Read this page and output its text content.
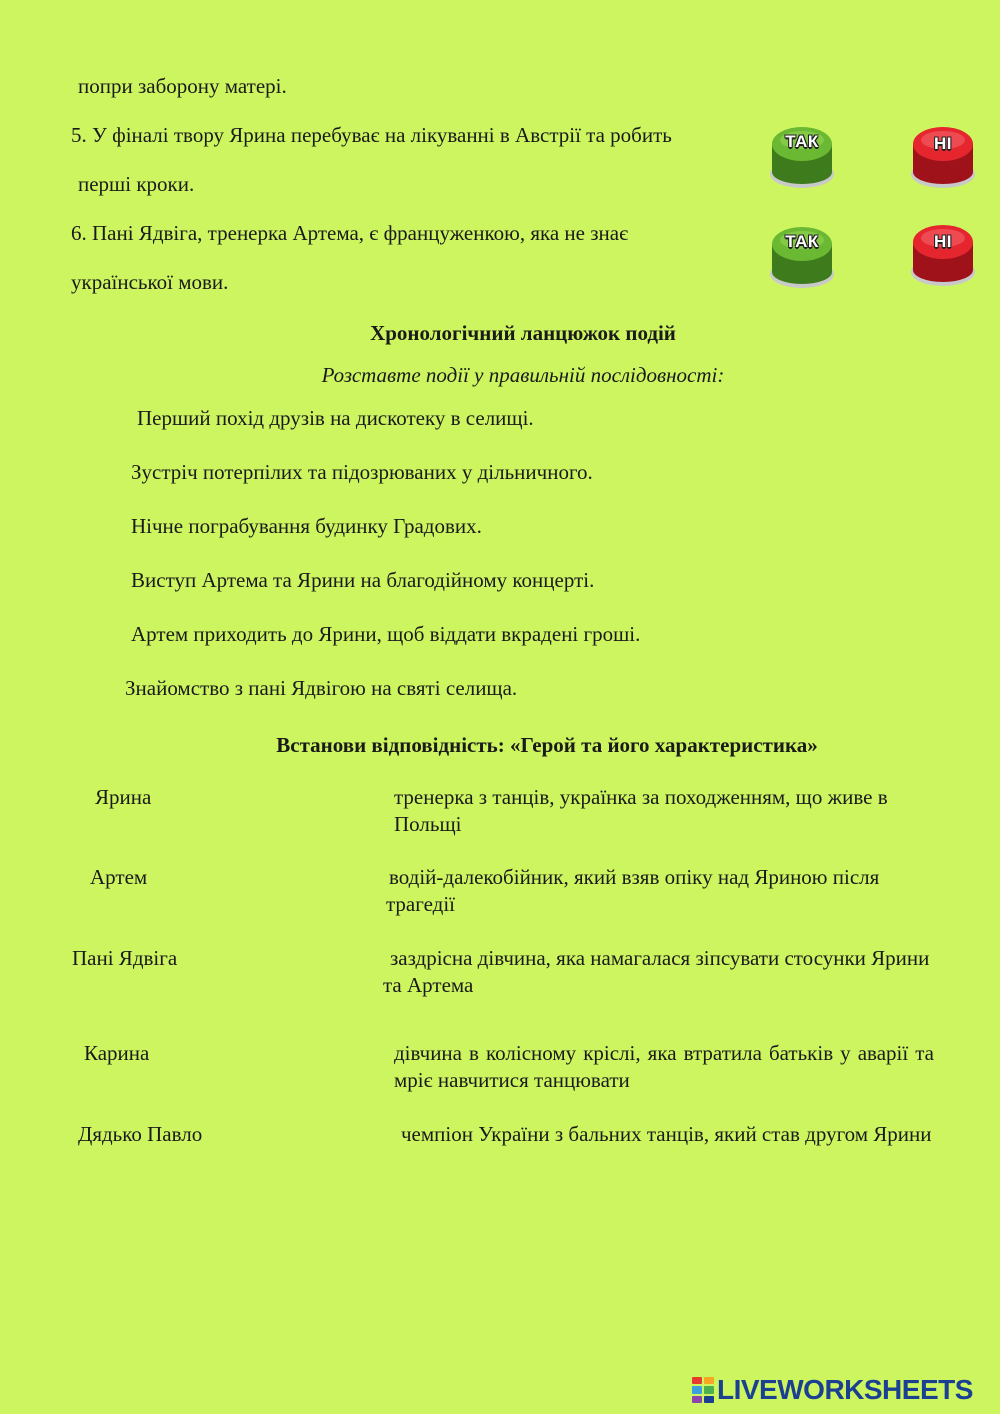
попри заборону матері.
5. У фіналі твору Ярина перебуває на лікуванні в Австрії та робить
перші кроки.
6. Пані Ядвіга, тренерка Артема, є француженкою, яка не знає
української мови.
ТАК	НІ
ТАК	НІ
Хронологічний ланцюжок подій
Розставте події у правильній послідовності:
Перший похід друзів на дискотеку в селищі.
Зустріч потерпілих та підозрюваних у дільничного.
Нічне пограбування будинку Градових.
Виступ Артема та Ярини на благодійному концерті.
Артем приходить до Ярини, щоб віддати вкрадені гроші.
Знайомство з пані Ядвігою на святі селища.
Встанови відповідність: «Герой та його характеристика»
Ярина
Артем
Пані Ядвіга
Карина
Дядько Павло
тренерка з танців, українка за походженням, що живе в Польщі
водій-далекобійник, який взяв опіку над Яриною після трагедії
заздрісна дівчина, яка намагалася зіпсувати стосунки Ярини та Артема
дівчина в колісному кріслі, яка втратила батьків у аварії та мріє навчитися танцювати
чемпіон України з бальних танців, який став другом Ярини
LIVEWORKSHEETS
